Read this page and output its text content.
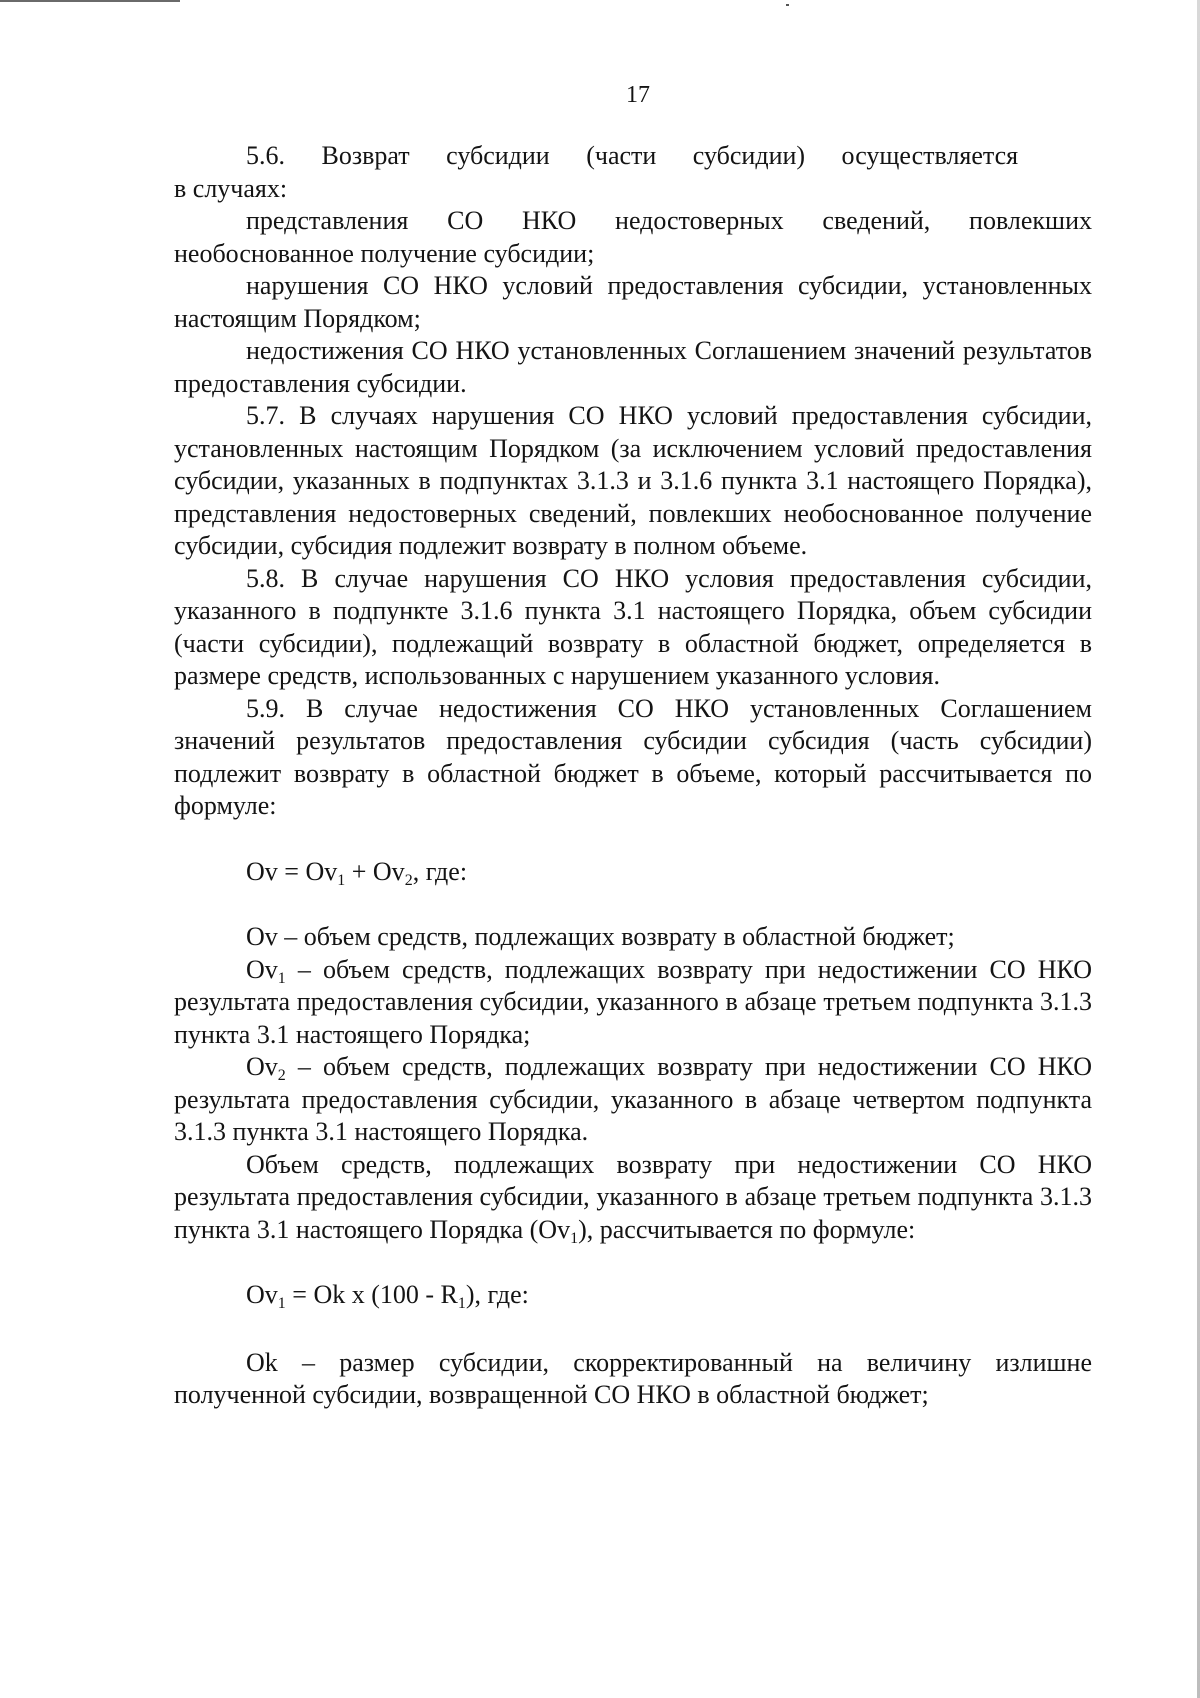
17

5.6. Возврат субсидии (части субсидии) осуществляется

в случаях:

представления СО НКО недостоверных сведений, повлекших необоснованное получение субсидии;

нарушения СО НКО условий предоставления субсидии, установленных настоящим Порядком;

недостижения СО НКО установленных Соглашением значений результатов предоставления субсидии.

5.7. В случаях нарушения СО НКО условий предоставления субсидии, установленных настоящим Порядком (за исключением условий предоставления субсидии, указанных в подпунктах 3.1.3 и 3.1.6 пункта 3.1 настоящего Порядка), представления недостоверных сведений, повлекших необоснованное получение субсидии, субсидия подлежит возврату в полном объеме.

5.8. В случае нарушения СО НКО условия предоставления субсидии, указанного в подпункте 3.1.6 пункта 3.1 настоящего Порядка, объем субсидии (части субсидии), подлежащий возврату в областной бюджет, определяется в размере средств, использованных с нарушением указанного условия.

5.9. В случае недостижения СО НКО установленных Соглашением значений результатов предоставления субсидии субсидия (часть субсидии) подлежит возврату в областной бюджет в объеме, который рассчитывается по формуле:

$Ov = Ov_1 + Ov_2$, где:

Ov – объем средств, подлежащих возврату в областной бюджет;

$Ov_1$ – объем средств, подлежащих возврату при недостижении СО НКО результата предоставления субсидии, указанного в абзаце третьем подпункта 3.1.3 пункта 3.1 настоящего Порядка;

$Ov_2$ – объем средств, подлежащих возврату при недостижении СО НКО результата предоставления субсидии, указанного в абзаце четвертом подпункта 3.1.3 пункта 3.1 настоящего Порядка.

Объем средств, подлежащих возврату при недостижении СО НКО результата предоставления субсидии, указанного в абзаце третьем подпункта 3.1.3 пункта 3.1 настоящего Порядка $(Ov_1)$, рассчитывается по формуле:

$Ov_1 = Ok$ x $(100 - R_1)$, где:

Ok – размер субсидии, скорректированный на величину излишне полученной субсидии, возвращенной СО НКО в областной бюджет;
